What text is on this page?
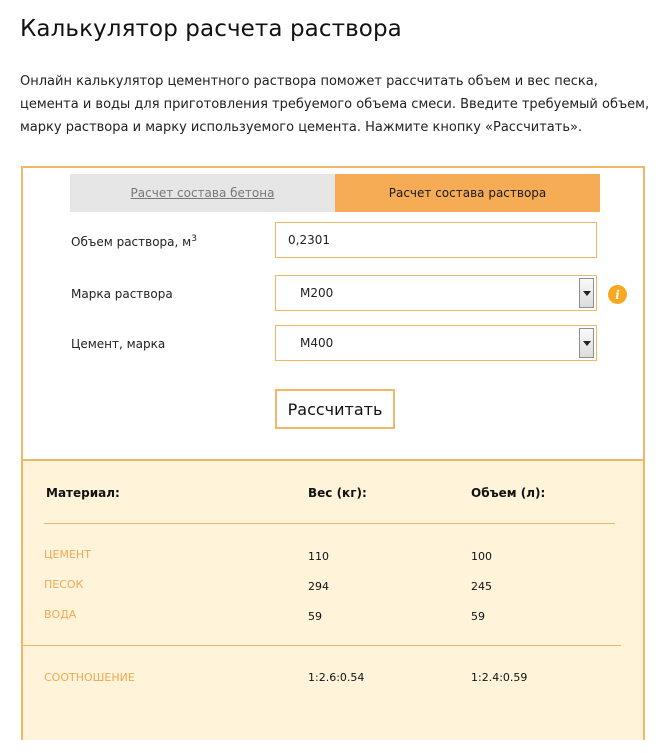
Калькулятор расчета раствора

Онлайн калькулятор цементного раствора поможет рассчитать объем и вес песка, цемента и воды для приготовления требуемого объема смеси. Введите требуемый объем, марку раствора и марку используемого цемента. Нажмите кнопку «Рассчитать».

Расчет состава бетона	Расчет состава раствора
Объем раствора, $м^3$	0,2301
Марка раствора	М200	i
Цемент, марка	М400
Рассчитать
Материал:	Вес (кг):	Объем (л):
ЦЕМЕНТ	110	100
ПЕСОК	294	245
ВОДА	59	59
СООТНОШЕНИЕ	1:2.6:0.54	1:2.4:0.59
